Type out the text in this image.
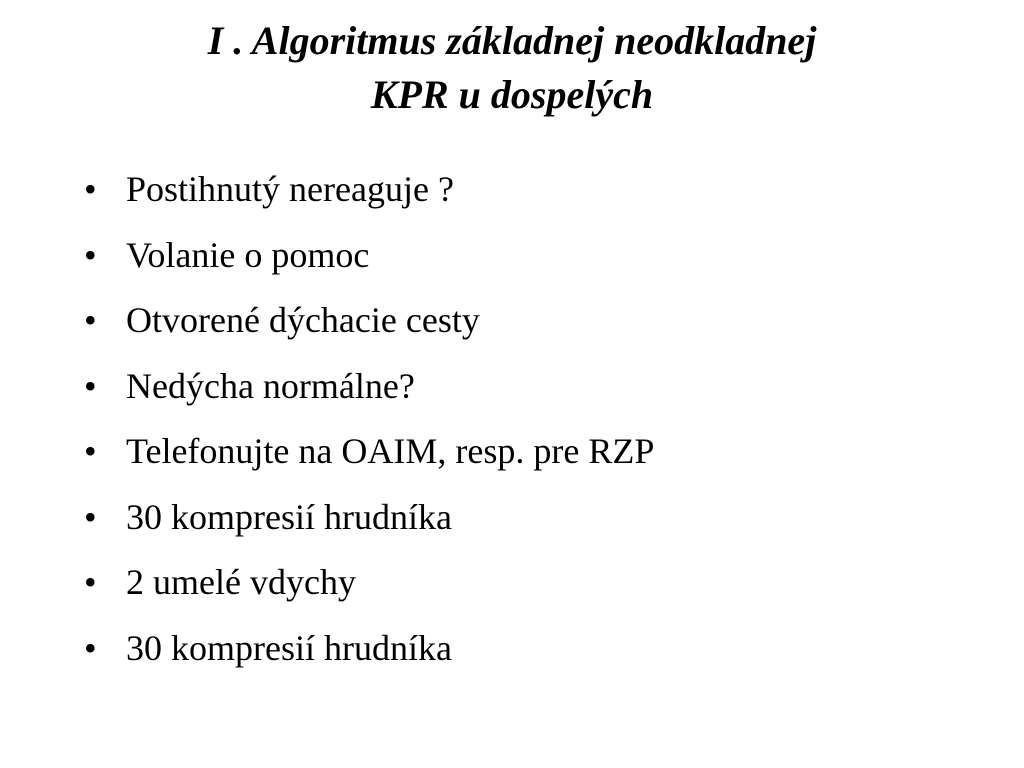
I . Algoritmus základnej neodkladnej
KPR u dospelých
• Postihnutý nereaguje ?
• Volanie o pomoc
• Otvorené dýchacie cesty
• Nedýcha normálne?
• Telefonujte na OAIM, resp. pre RZP
• 30 kompresií hrudníka
• 2 umelé vdychy
• 30 kompresií hrudníka
